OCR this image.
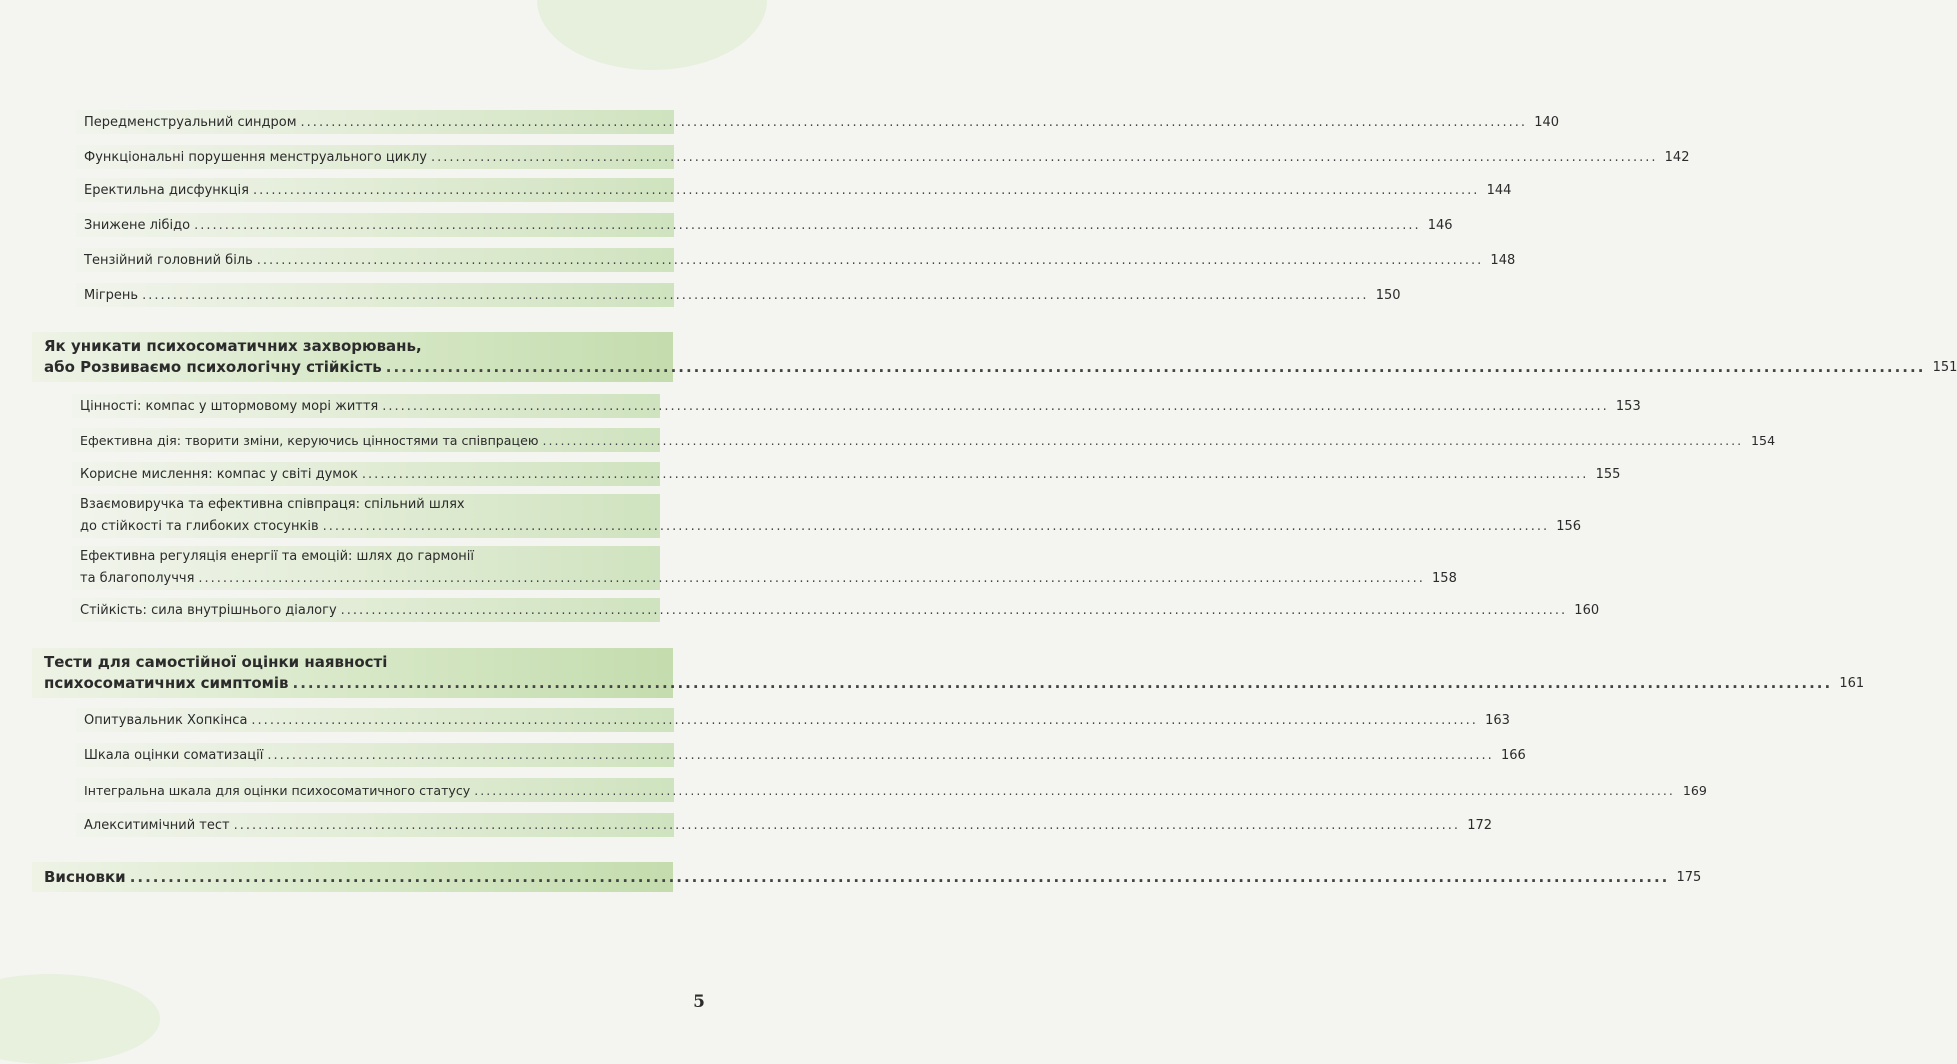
Передменструальний синдром ........................................................................................................................................................................................................ 140
Функціональні порушення менструального циклу ........................................................................................................................................................................................................ 142
Еректильна дисфункція ........................................................................................................................................................................................................ 144
Знижене лібідо ........................................................................................................................................................................................................ 146
Тензійний головний біль ........................................................................................................................................................................................................ 148
Мігрень ........................................................................................................................................................................................................ 150
Як уникати психосоматичних захворювань,
або Розвиваємо психологічну стійкість ........................................................................................................................................................................................................ 151
Цінності: компас у штормовому морі життя ........................................................................................................................................................................................................ 153
Ефективна дія: творити зміни, керуючись цінностями та співпрацею ........................................................................................................................................................................................................ 154
Корисне мислення: компас у світі думок ........................................................................................................................................................................................................ 155
Взаємовиручка та ефективна співпраця: спільний шлях
до стійкості та глибоких стосунків ........................................................................................................................................................................................................ 156
Ефективна регуляція енергії та емоцій: шлях до гармонії
та благополуччя ........................................................................................................................................................................................................ 158
Стійкість: сила внутрішнього діалогу ........................................................................................................................................................................................................ 160
Тести для самостійної оцінки наявності
психосоматичних симптомів ........................................................................................................................................................................................................ 161
Опитувальник Хопкінса ........................................................................................................................................................................................................ 163
Шкала оцінки соматизації ........................................................................................................................................................................................................ 166
Інтегральна шкала для оцінки психосоматичного статусу ........................................................................................................................................................................................................ 169
Алекситимічний тест ........................................................................................................................................................................................................ 172
Висновки ........................................................................................................................................................................................................ 175
5
